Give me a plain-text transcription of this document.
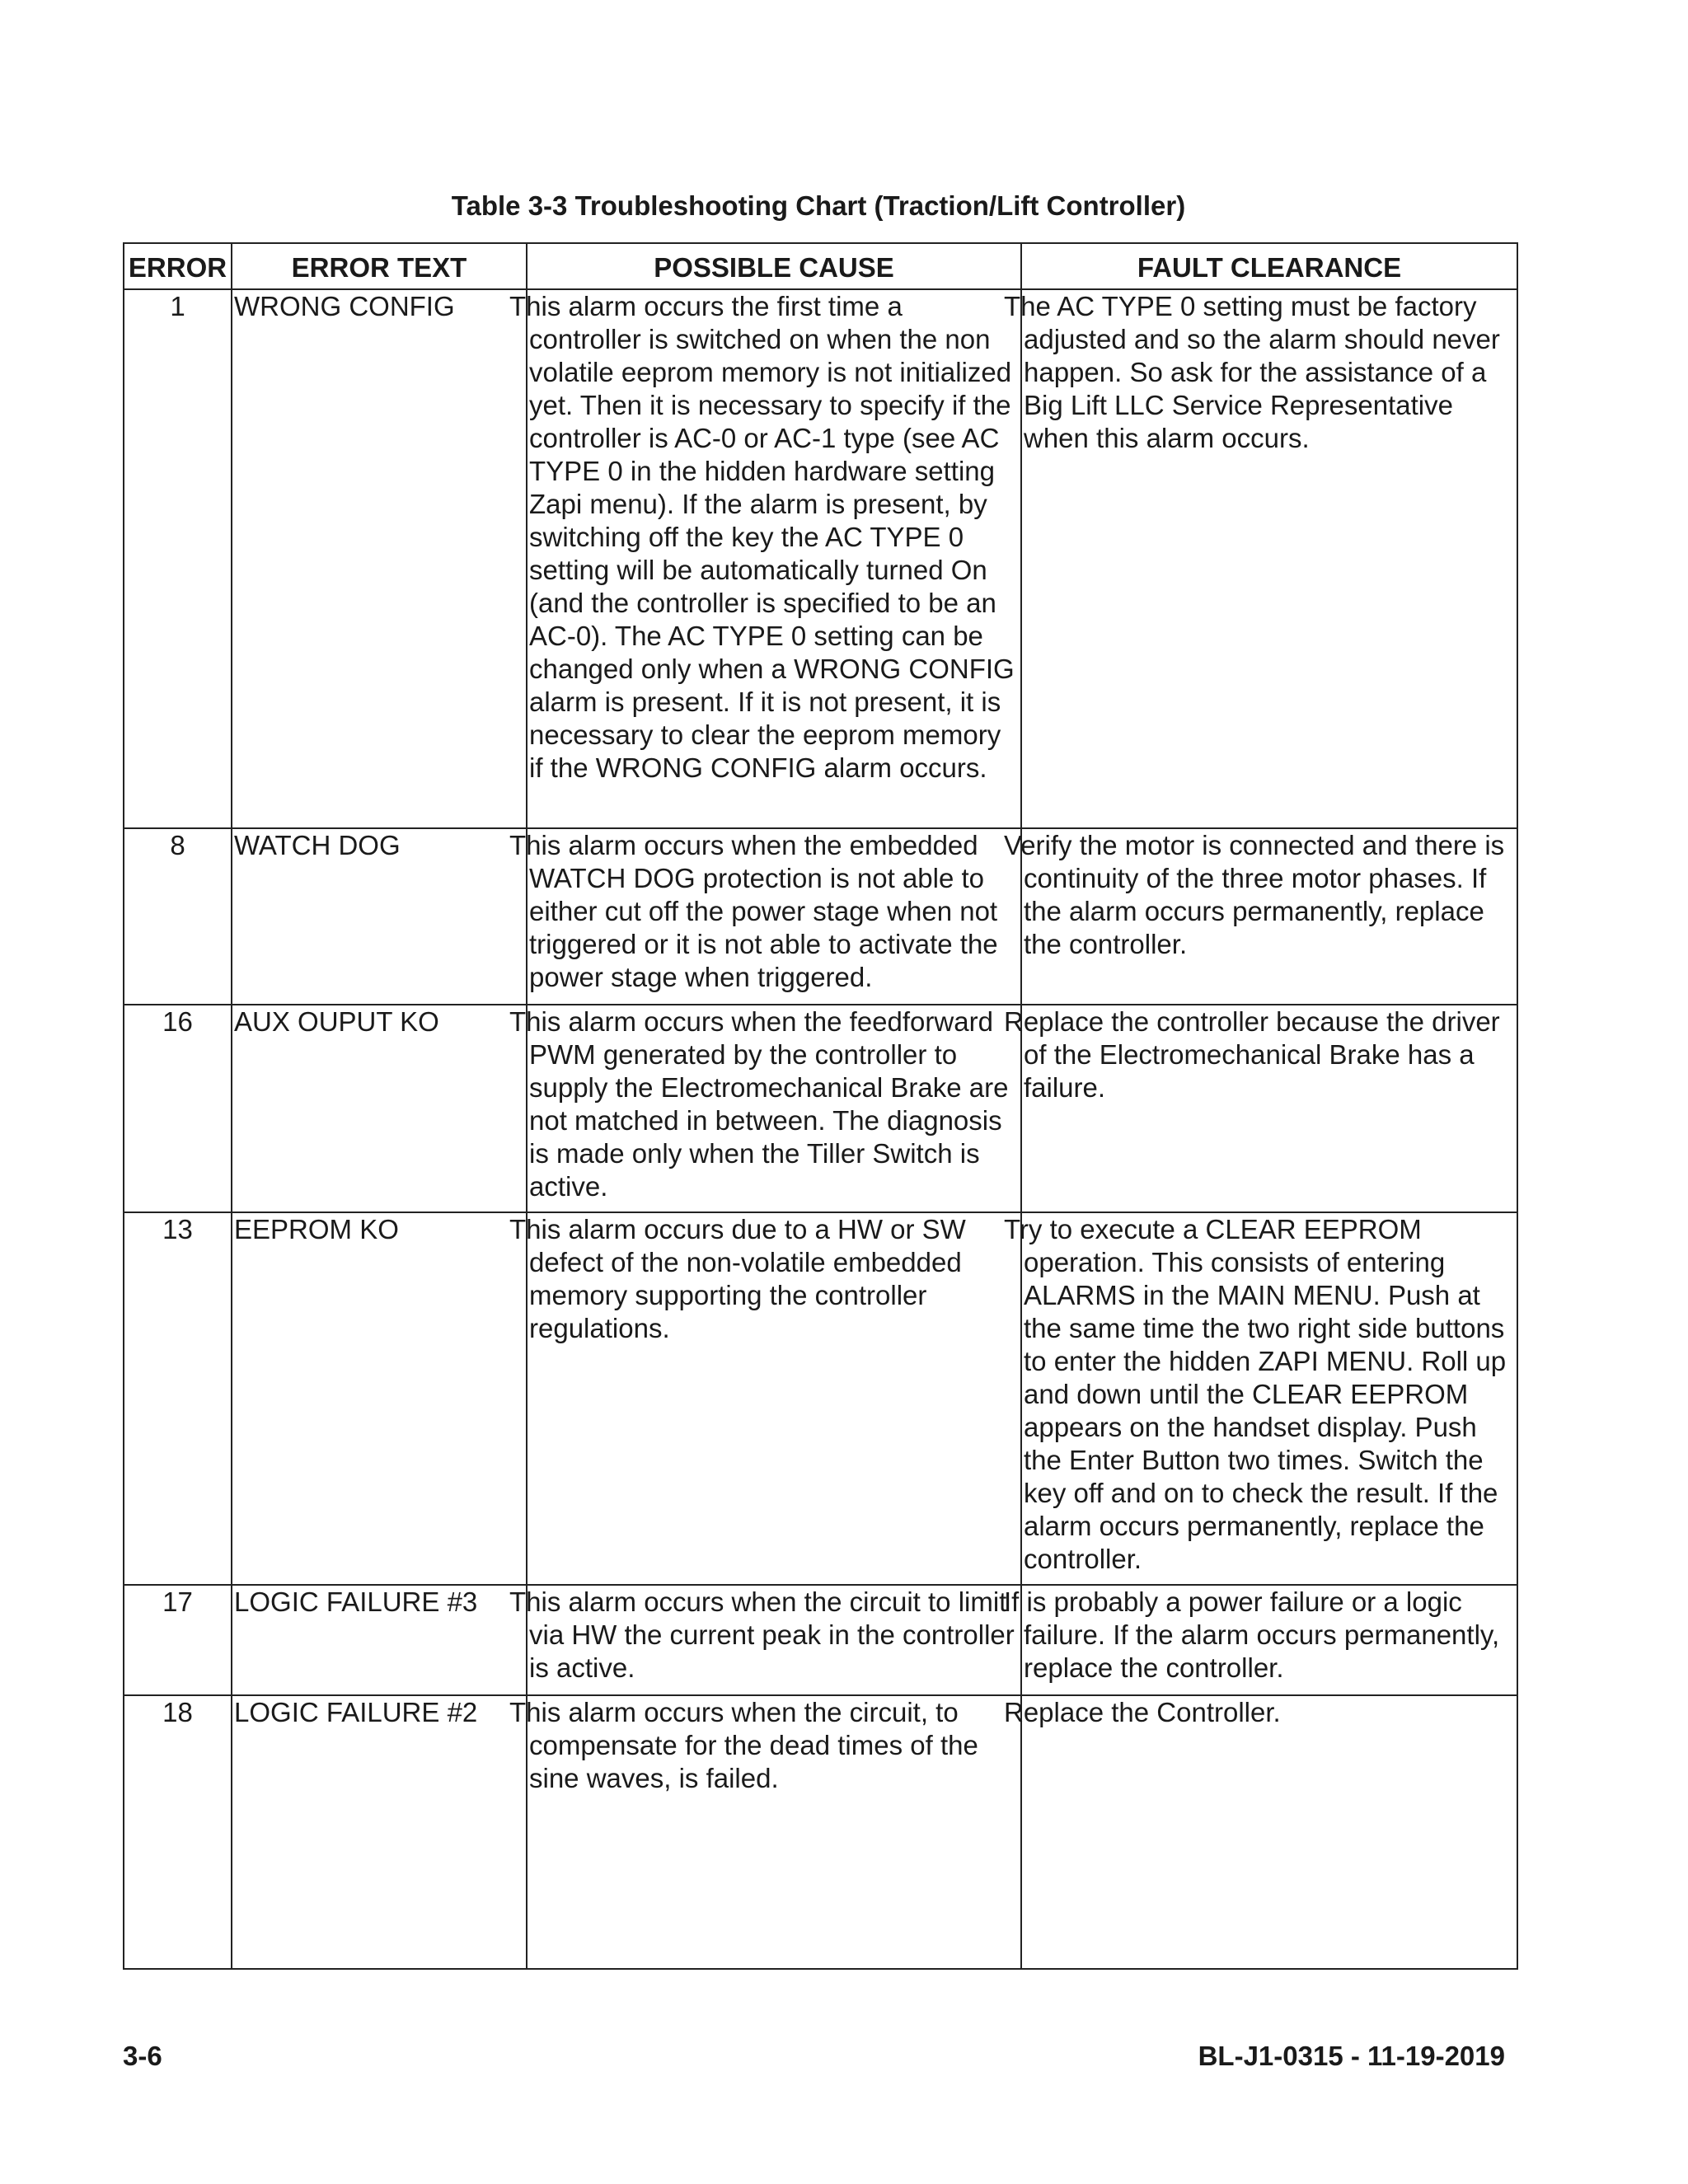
Table 3-3 Troubleshooting Chart (Traction/Lift Controller)
ERROR	ERROR TEXT	POSSIBLE CAUSE	FAULT CLEARANCE
1	WRONG CONFIG	This alarm occurs the first time a controller is switched on when the non volatile eeprom memory is not initialized yet. Then it is necessary to specify if the controller is AC-0 or AC-1 type (see AC TYPE 0 in the hidden hardware setting Zapi menu). If the alarm is present, by switching off the key the AC TYPE 0 setting will be automatically turned On (and the controller is specified to be an AC-0). The AC TYPE 0 setting can be changed only when a WRONG CONFIG alarm is present. If it is not present, it is necessary to clear the eeprom memory if the WRONG CONFIG alarm occurs.	The AC TYPE 0 setting must be factory adjusted and so the alarm should never happen. So ask for the assistance of a Big Lift LLC Service Representative when this alarm occurs.
8	WATCH DOG	This alarm occurs when the embedded WATCH DOG protection is not able to either cut off the power stage when not triggered or it is not able to activate the power stage when triggered.	Verify the motor is connected and there is continuity of the three motor phases. If the alarm occurs permanently, replace the controller.
16	AUX OUPUT KO	This alarm occurs when the feedforward PWM generated by the controller to supply the Electromechanical Brake are not matched in between. The diagnosis is made only when the Tiller Switch is active.	Replace the controller because the driver of the Electromechanical Brake has a failure.
13	EEPROM KO	This alarm occurs due to a HW or SW defect of the non-volatile embedded memory supporting the controller regulations.	Try to execute a CLEAR EEPROM operation. This consists of entering ALARMS in the MAIN MENU. Push at the same time the two right side buttons to enter the hidden ZAPI MENU. Roll up and down until the CLEAR EEPROM appears on the handset display. Push the Enter Button two times. Switch the key off and on to check the result. If the alarm occurs permanently, replace the controller.
17	LOGIC FAILURE #3	This alarm occurs when the circuit to limit via HW the current peak in the controller is active.	If is probably a power failure or a logic failure. If the alarm occurs permanently, replace the controller.
18	LOGIC FAILURE #2	This alarm occurs when the circuit, to compensate for the dead times of the sine waves, is failed.	Replace the Controller.
3-6	BL-J1-0315 - 11-19-2019
